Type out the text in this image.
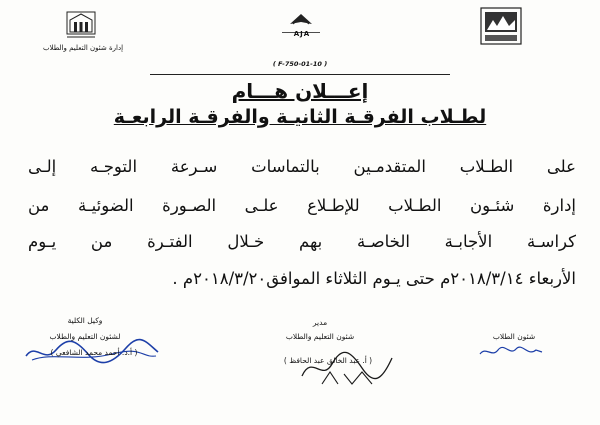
إدارة شئون التعليم والطلاب
AJA
( F-750-01-10 )
إعـــلان هـــام
لطـلاب الفرقـة الثانيـة والفرقـة الرابعـة
على الطـلاب المتقدمـين بالتماسات سـرعة التوجـه إلـى
إدارة شئـون الطـلاب للإطـلاع علـى الصـورة الضوئيـة من
كراسـة الأجابـة الخاصـة بهم خـلال الفتـرة من يـوم
الأربعاء ٢٠١٨/٣/١٤م حتى يـوم الثلاثاء الموافق٢٠١٨/٣/٢٠م .
شئون الطلاب
مدير
شئون التعليم والطلاب
( أ. عبد الخالق عبد الحافظ )
وكيل الكلية
لشئون التعليم والطلاب
( أ.د. أحمد محمد الشافعي )
